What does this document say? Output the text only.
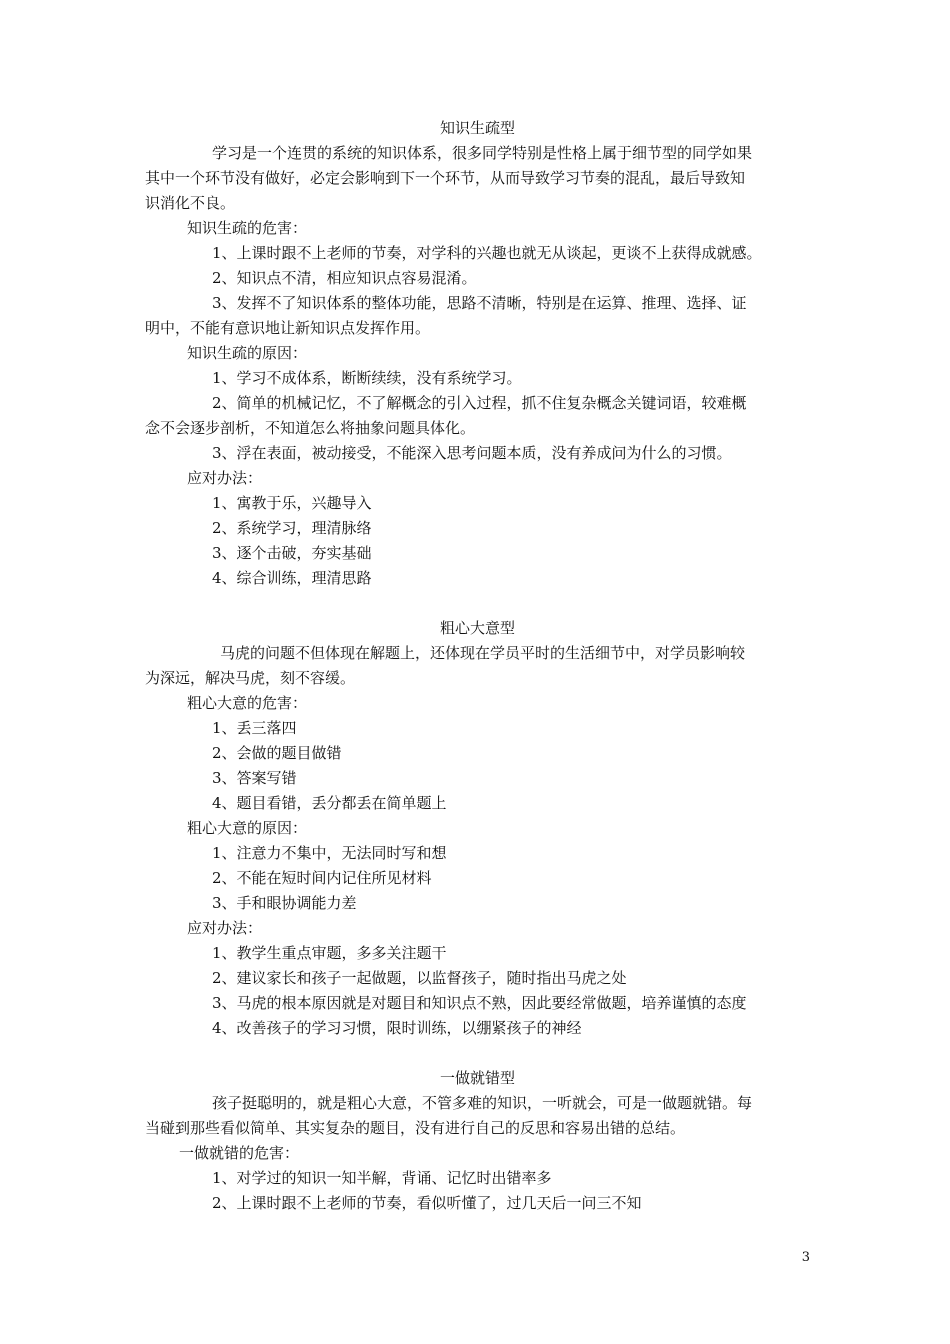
知识生疏型
学习是一个连贯的系统的知识体系，很多同学特别是性格上属于细节型的同学如果
其中一个环节没有做好，必定会影响到下一个环节，从而导致学习节奏的混乱，最后导致知
识消化不良。
知识生疏的危害：
1、上课时跟不上老师的节奏，对学科的兴趣也就无从谈起，更谈不上获得成就感。
2、知识点不清，相应知识点容易混淆。
3、发挥不了知识体系的整体功能，思路不清晰，特别是在运算、推理、选择、证
明中，不能有意识地让新知识点发挥作用。
知识生疏的原因：
1、学习不成体系，断断续续，没有系统学习。
2、简单的机械记忆，不了解概念的引入过程，抓不住复杂概念关键词语，较难概
念不会逐步剖析，不知道怎么将抽象问题具体化。
3、浮在表面，被动接受，不能深入思考问题本质，没有养成问为什么的习惯。
应对办法：
1、寓教于乐，兴趣导入
2、系统学习，理清脉络
3、逐个击破，夯实基础
4、综合训练，理清思路
粗心大意型
马虎的问题不但体现在解题上，还体现在学员平时的生活细节中，对学员影响较
为深远，解决马虎，刻不容缓。
粗心大意的危害：
1、丢三落四
2、会做的题目做错
3、答案写错
4、题目看错，丢分都丢在简单题上
粗心大意的原因：
1、注意力不集中，无法同时写和想
2、不能在短时间内记住所见材料
3、手和眼协调能力差
应对办法：
1、教学生重点审题，多多关注题干
2、建议家长和孩子一起做题，以监督孩子，随时指出马虎之处
3、马虎的根本原因就是对题目和知识点不熟，因此要经常做题，培养谨慎的态度
4、改善孩子的学习习惯，限时训练，以绷紧孩子的神经
一做就错型
孩子挺聪明的，就是粗心大意，不管多难的知识，一听就会，可是一做题就错。每
当碰到那些看似简单、其实复杂的题目，没有进行自己的反思和容易出错的总结。
一做就错的危害：
1、对学过的知识一知半解，背诵、记忆时出错率多
2、上课时跟不上老师的节奏，看似听懂了，过几天后一问三不知
3
